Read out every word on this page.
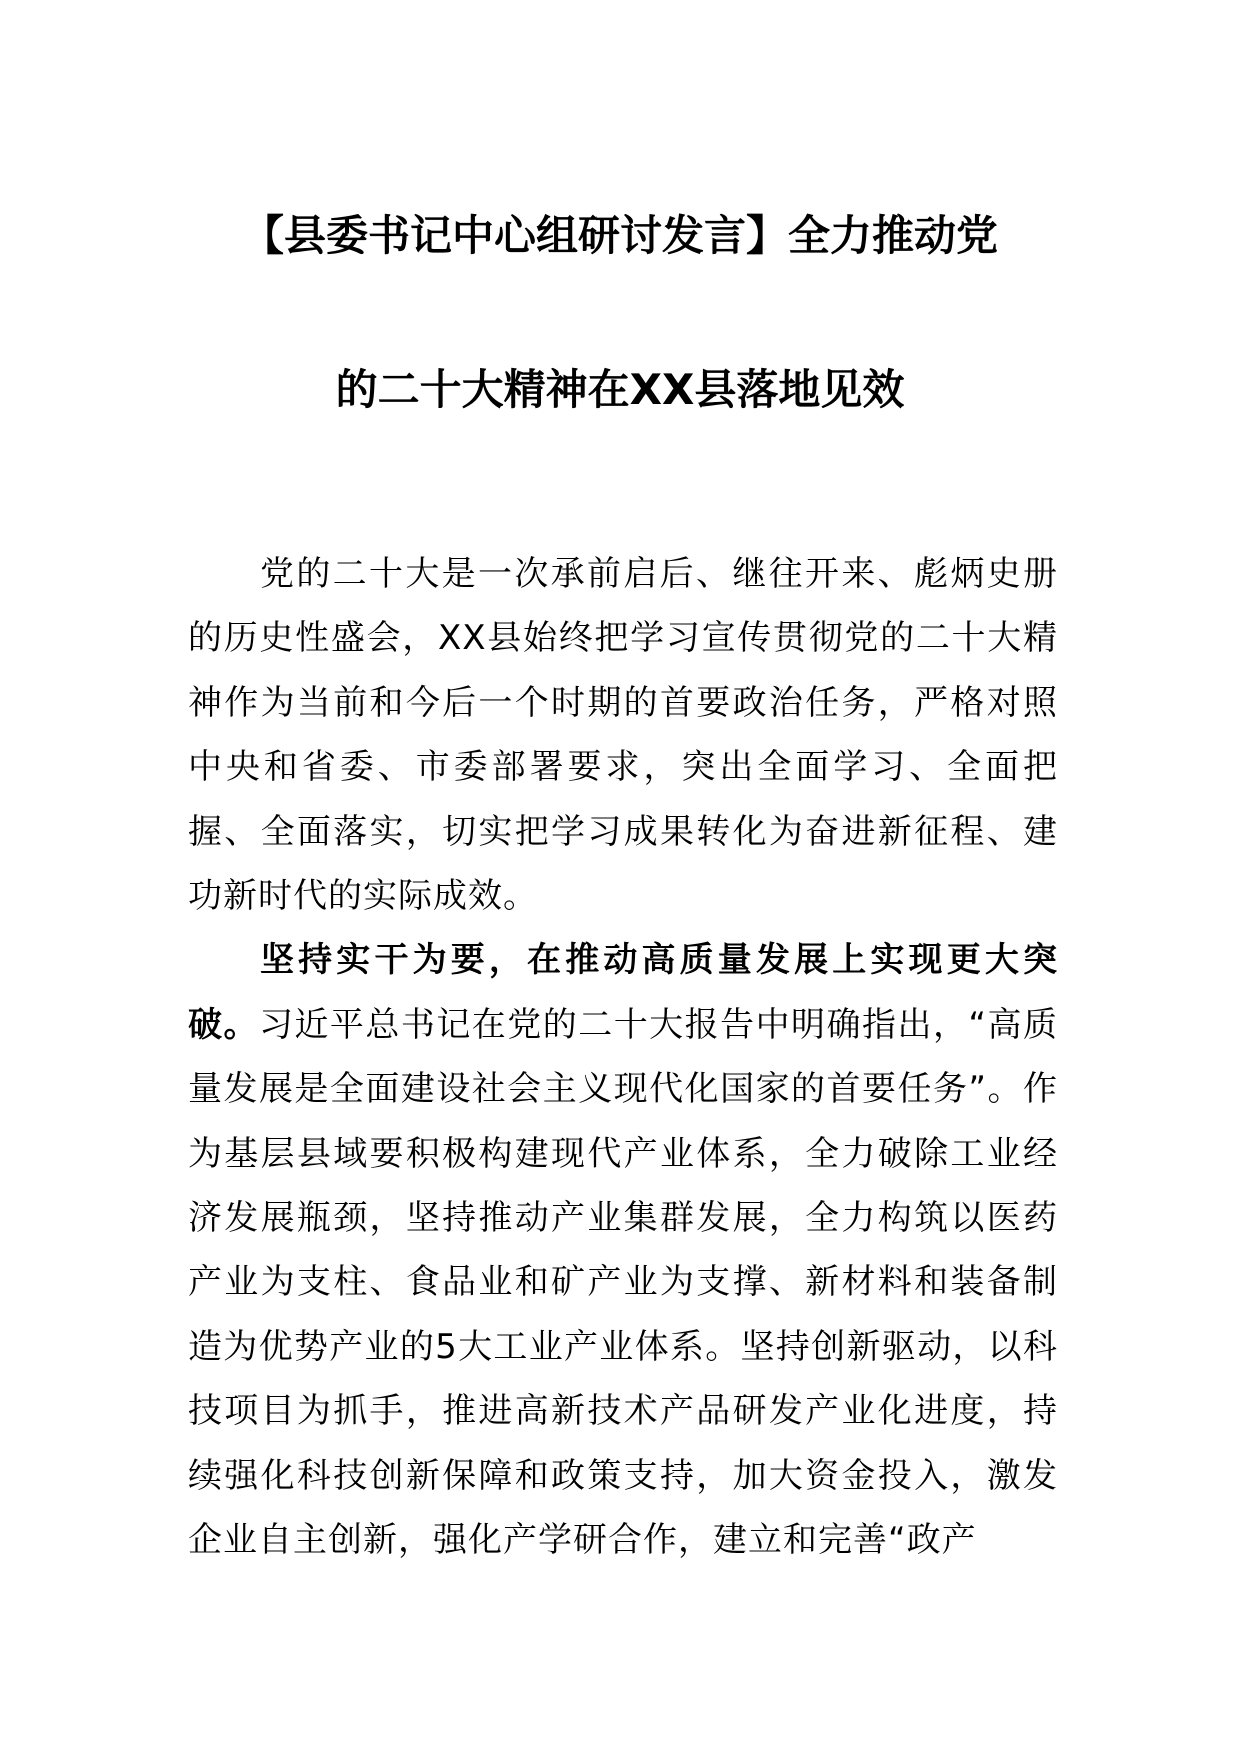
【县委书记中心组研讨发言】全力推动党
的二十大精神在XX县落地见效

党的二十大是一次承前启后、继往开来、彪炳史册的历史性盛会，XX县始终把学习宣传贯彻党的二十大精神作为当前和今后一个时期的首要政治任务，严格对照中央和省委、市委部署要求，突出全面学习、全面把握、全面落实，切实把学习成果转化为奋进新征程、建功新时代的实际成效。

坚持实干为要，在推动高质量发展上实现更大突破。习近平总书记在党的二十大报告中明确指出，“高质量发展是全面建设社会主义现代化国家的首要任务”。作为基层县域要积极构建现代产业体系，全力破除工业经济发展瓶颈，坚持推动产业集群发展，全力构筑以医药产业为支柱、食品业和矿产业为支撑、新材料和装备制造为优势产业的5大工业产业体系。坚持创新驱动，以科技项目为抓手，推进高新技术产品研发产业化进度，持续强化科技创新保障和政策支持，加大资金投入，激发企业自主创新，强化产学研合作，建立和完善“政产
